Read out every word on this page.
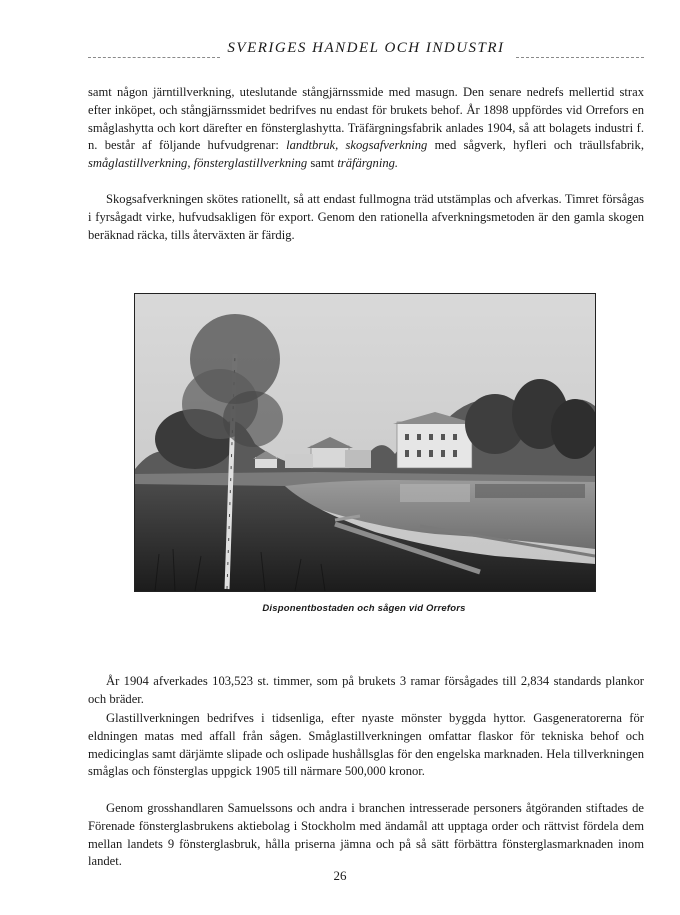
SVERIGES HANDEL OCH INDUSTRI

samt någon järntillverkning, uteslutande stångjärnssmide med masugn. Den senare nedrefs mellertid strax efter inköpet, och stångjärnssmidet bedrifves nu endast för brukets behof. År 1898 uppfördes vid Orrefors en småglashytta och kort därefter en fönsterglashytta. Träfärgningsfabrik anlades 1904, så att bolagets industri f. n. består af följande hufvudgrenar: landtbruk, skogsafverkning med sågverk, hyfleri och träullsfabrik, småglastillverkning, fönsterglastillverkning samt träfärgning.

Skogsafverkningen skötes rationellt, så att endast fullmogna träd utstämplas och afverkas. Timret försågas i fyrsågadt virke, hufvudsakligen för export. Genom den rationella afverkningsmetoden är den gamla skogen beräknad räcka, tills återväxten är färdig.

Disponentbostaden och sågen vid Orrefors

År 1904 afverkades 103,523 st. timmer, som på brukets 3 ramar försågades till 2,834 standards plankor och bräder.

Glastillverkningen bedrifves i tidsenliga, efter nyaste mönster byggda hyttor. Gasgeneratorerna för eldningen matas med affall från sågen. Småglastillverkningen omfattar flaskor för tekniska behof och medicinglas samt därjämte slipade och oslipade hushållsglas för den engelska marknaden. Hela tillverkningen småglas och fönsterglas uppgick 1905 till närmare 500,000 kronor.

Genom grosshandlaren Samuelssons och andra i branchen intresserade personers åtgöranden stiftades de Förenade fönsterglasbrukens aktiebolag i Stockholm med ändamål att upptaga order och rättvist fördela dem mellan landets 9 fönsterglasbruk, hålla priserna jämna och på så sätt förbättra fönsterglasmarknaden inom landet.

26
